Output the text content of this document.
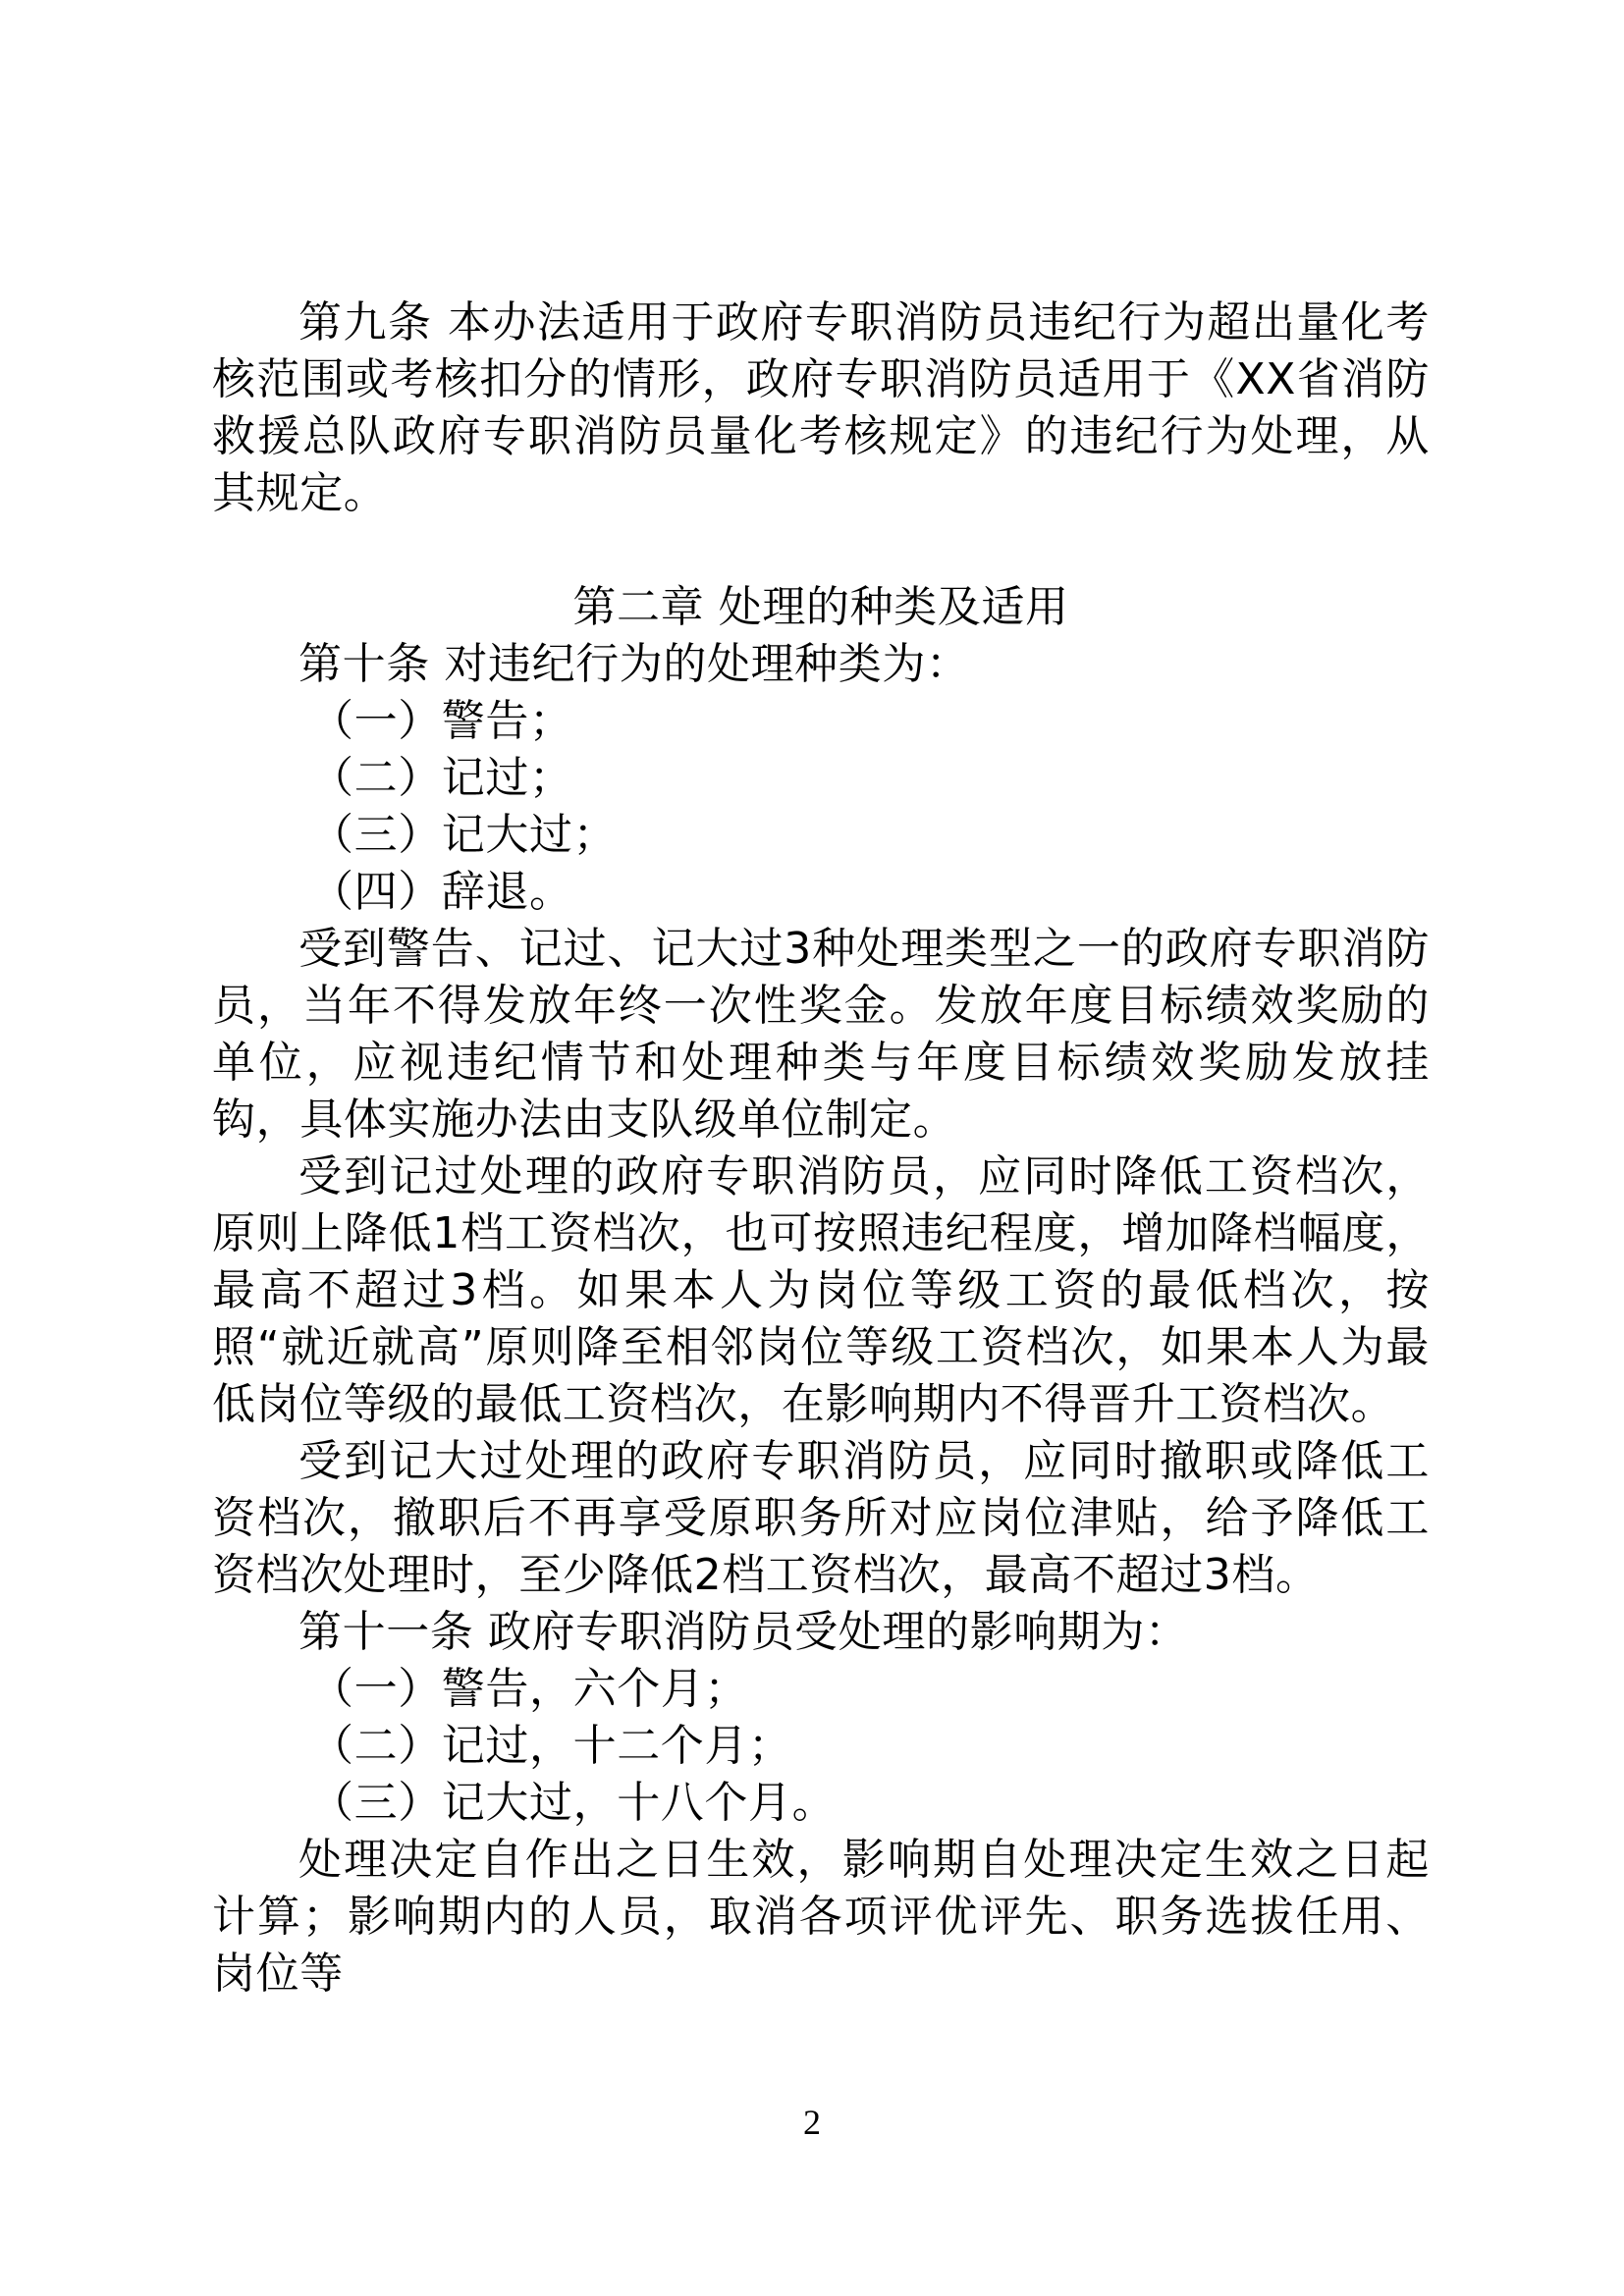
第九条 本办法适用于政府专职消防员违纪行为超出量化考核范围或考核扣分的情形，政府专职消防员适用于《XX省消防救援总队政府专职消防员量化考核规定》的违纪行为处理，从其规定。

第二章 处理的种类及适用

第十条 对违纪行为的处理种类为：

（一）警告；

（二）记过；

（三）记大过；

（四）辞退。

受到警告、记过、记大过3种处理类型之一的政府专职消防员，当年不得发放年终一次性奖金。发放年度目标绩效奖励的单位，应视违纪情节和处理种类与年度目标绩效奖励发放挂钩，具体实施办法由支队级单位制定。

受到记过处理的政府专职消防员，应同时降低工资档次，原则上降低1档工资档次，也可按照违纪程度，增加降档幅度，最高不超过3档。如果本人为岗位等级工资的最低档次，按照“就近就高”原则降至相邻岗位等级工资档次，如果本人为最低岗位等级的最低工资档次，在影响期内不得晋升工资档次。

受到记大过处理的政府专职消防员，应同时撤职或降低工资档次，撤职后不再享受原职务所对应岗位津贴，给予降低工资档次处理时，至少降低2档工资档次，最高不超过3档。

第十一条 政府专职消防员受处理的影响期为：

（一）警告，六个月；

（二）记过，十二个月；

（三）记大过，十八个月。

处理决定自作出之日生效，影响期自处理决定生效之日起计算；影响期内的人员，取消各项评优评先、职务选拔任用、岗位等

2
